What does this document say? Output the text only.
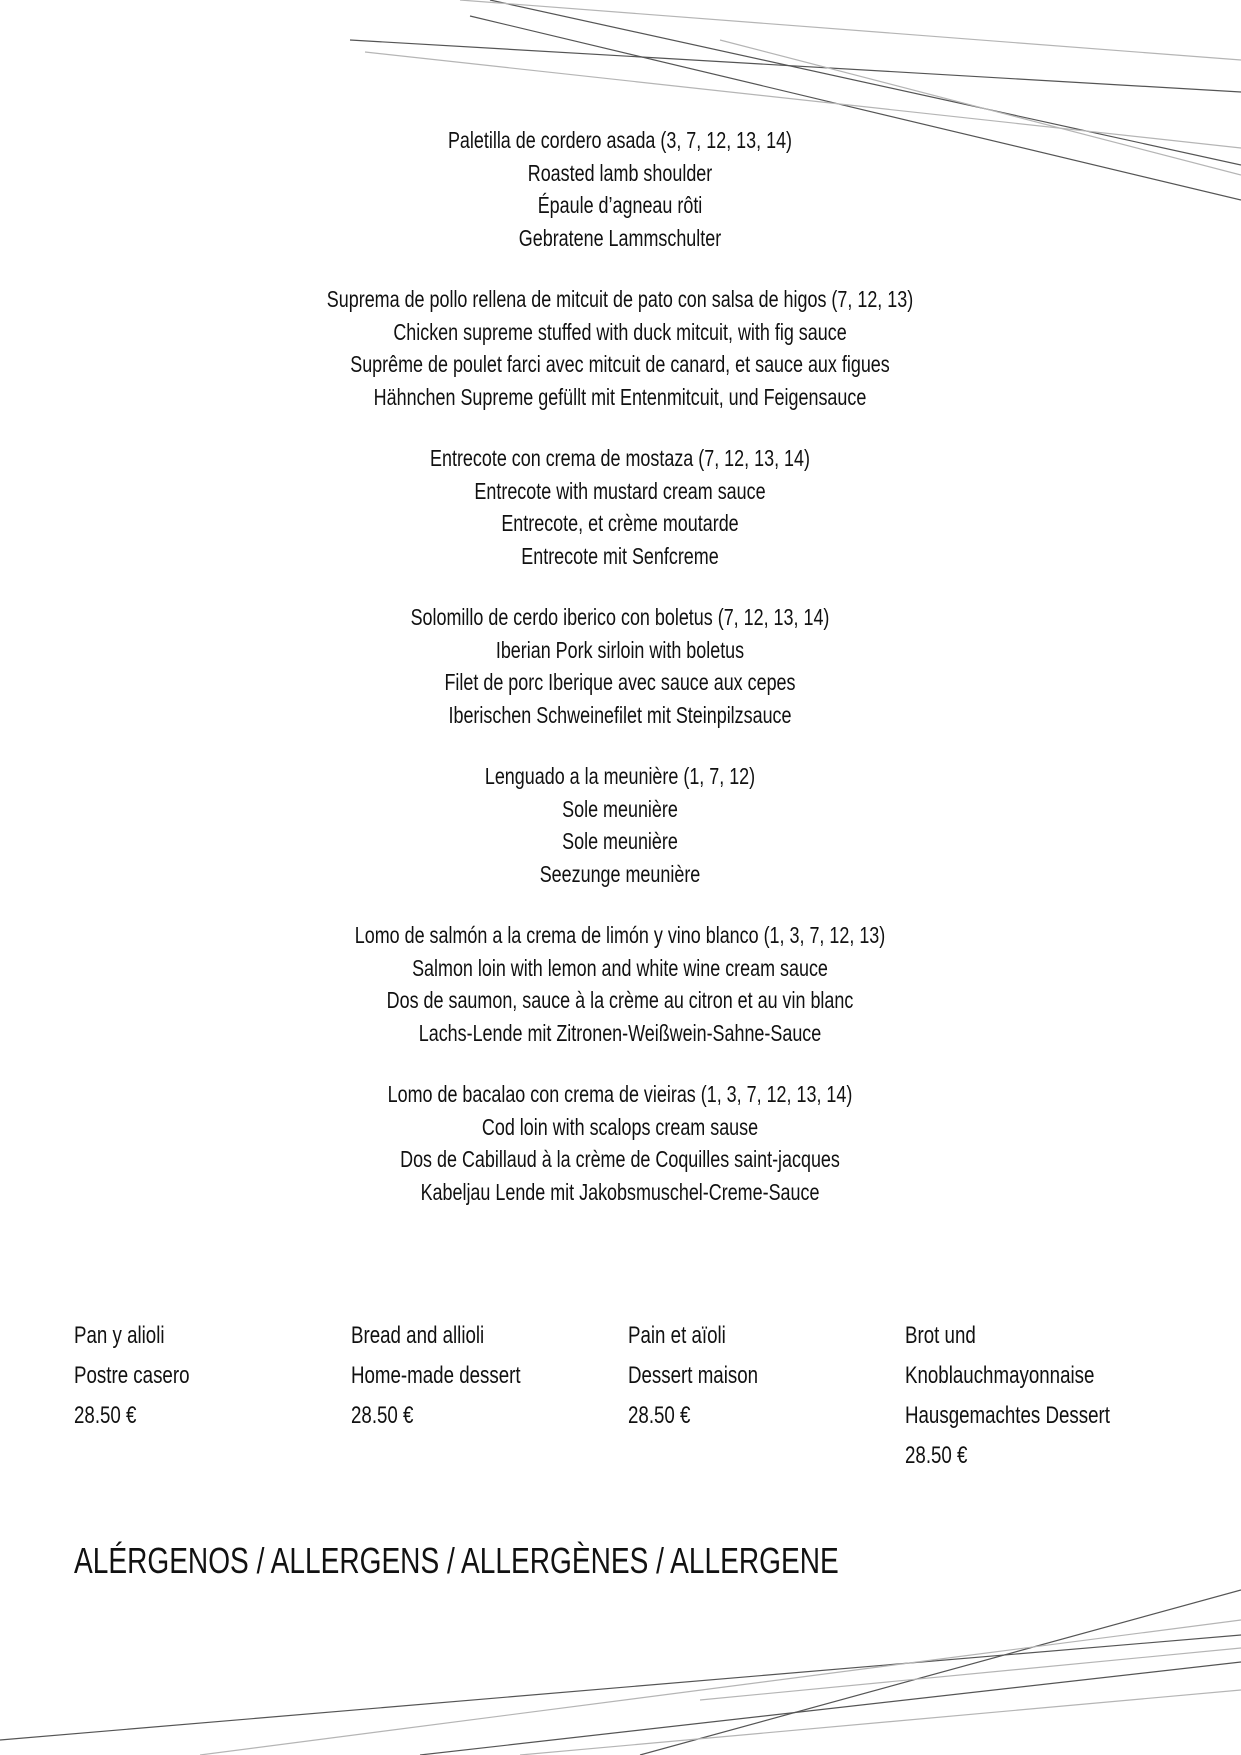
Paletilla de cordero asada (3, 7, 12, 13, 14)
Roasted lamb shoulder
Épaule d’agneau rôti
Gebratene Lammschulter
Suprema de pollo rellena de mitcuit de pato con salsa de higos (7, 12, 13)
Chicken supreme stuffed with duck mitcuit, with fig sauce
Suprême de poulet farci avec mitcuit de canard, et sauce aux figues
Hähnchen Supreme gefüllt mit Entenmitcuit, und Feigensauce
Entrecote con crema de mostaza (7, 12, 13, 14)
Entrecote with mustard cream sauce
Entrecote, et crème moutarde
Entrecote mit Senfcreme
Solomillo de cerdo iberico con boletus (7, 12, 13, 14)
Iberian Pork sirloin with boletus
Filet de porc Iberique avec sauce aux cepes
Iberischen Schweinefilet mit Steinpilzsauce
Lenguado a la meunière (1, 7, 12)
Sole meunière
Sole meunière
Seezunge meunière
Lomo de salmón a la crema de limón y vino blanco (1, 3, 7, 12, 13)
Salmon loin with lemon and white wine cream sauce
Dos de saumon, sauce à la crème au citron et au vin blanc
Lachs-Lende mit Zitronen-Weißwein-Sahne-Sauce
Lomo de bacalao con crema de vieiras (1, 3, 7, 12, 13, 14)
Cod loin with scalops cream sause
Dos de Cabillaud à la crème de Coquilles saint-jacques
Kabeljau Lende mit Jakobsmuschel-Creme-Sauce
Pan y alioli
Postre casero
28.50 €
Bread and allioli
Home-made dessert
28.50 €
Pain et aïoli
Dessert maison
28.50 €
Brot und
Knoblauchmayonnaise
Hausgemachtes Dessert
28.50 €
ALÉRGENOS / ALLERGENS / ALLERGÈNES / ALLERGENE
